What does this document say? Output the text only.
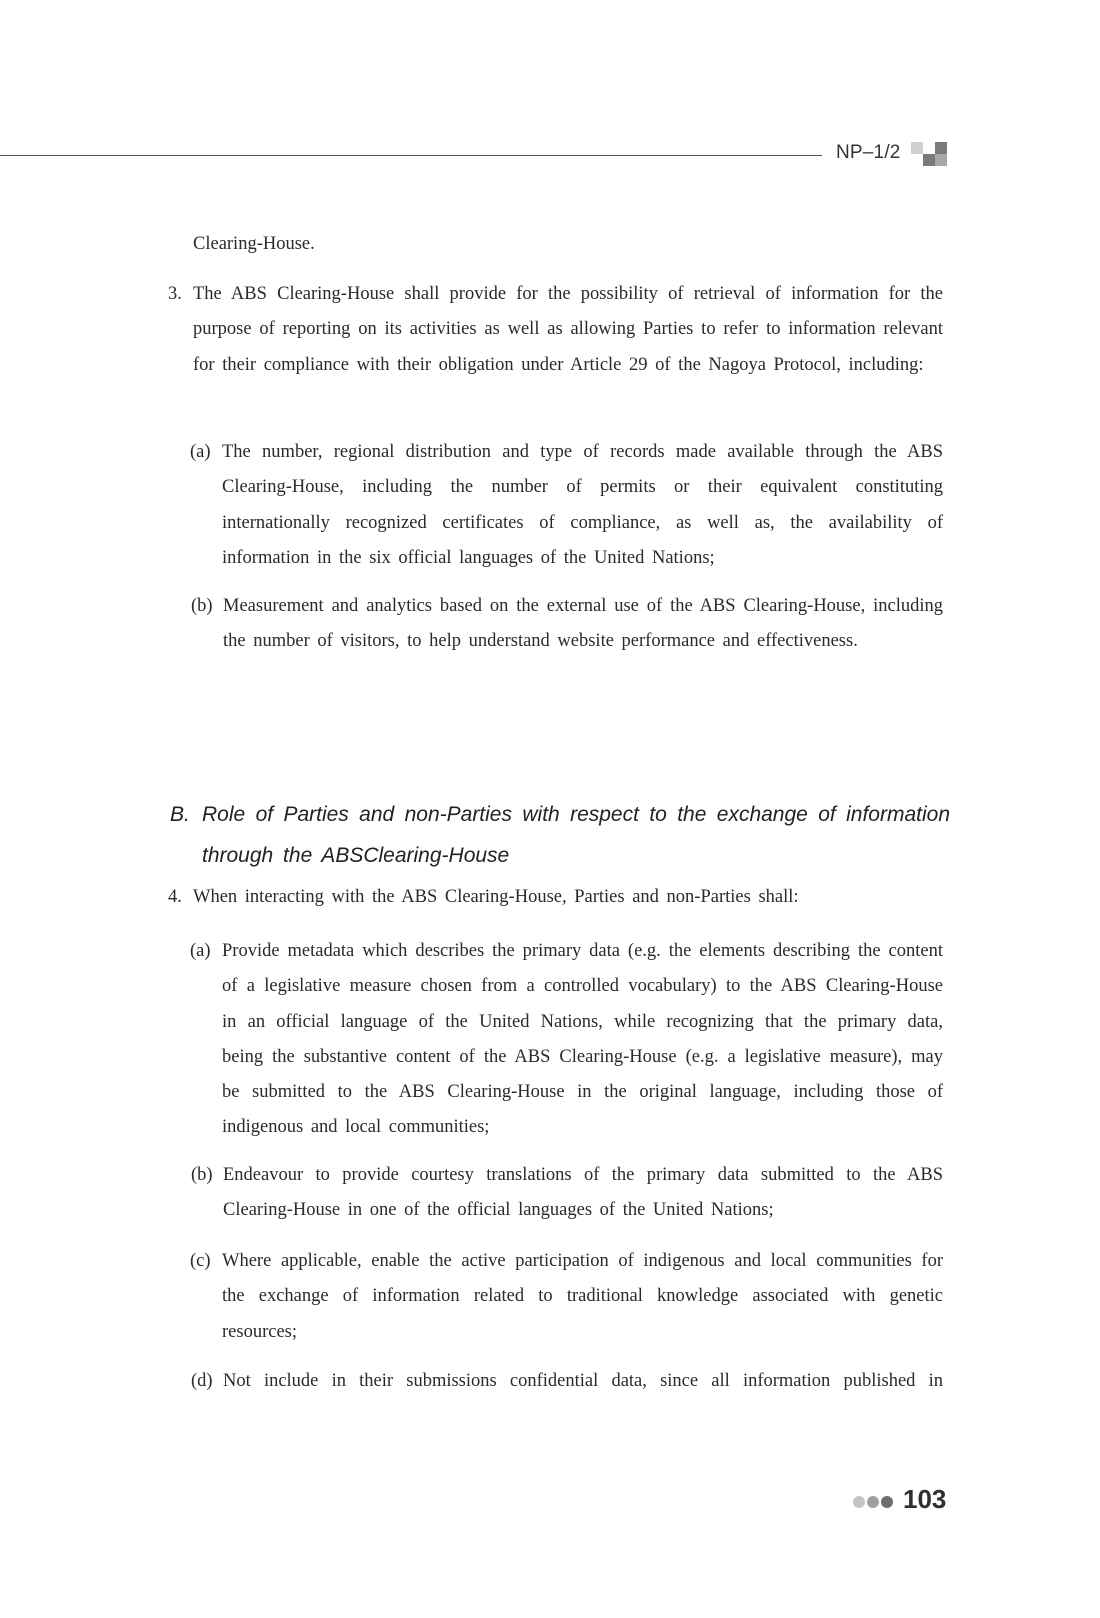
NP–1/2
Clearing-House.
3. The ABS Clearing-House shall provide for the possibility of retrieval of information for the purpose of reporting on its activities as well as allowing Parties to refer to information relevant for their compliance with their obligation under Article 29 of the Nagoya Protocol, including:
(a) The number, regional distribution and type of records made available through the ABS Clearing-House, including the number of permits or their equivalent constituting internationally recognized certificates of compliance, as well as, the availability of information in the six official languages of the United Nations;
(b) Measurement and analytics based on the external use of the ABS Clearing-House, including the number of visitors, to help understand website performance and effectiveness.
B. Role of Parties and non-Parties with respect to the exchange of information through the ABSClearing-House
4. When interacting with the ABS Clearing-House, Parties and non-Parties shall:
(a) Provide metadata which describes the primary data (e.g. the elements describing the content of a legislative measure chosen from a controlled vocabulary) to the ABS Clearing-House in an official language of the United Nations, while recognizing that the primary data, being the substantive content of the ABS Clearing-House (e.g. a legislative measure), may be submitted to the ABS Clearing-House in the original language, including those of indigenous and local communities;
(b) Endeavour to provide courtesy translations of the primary data submitted to the ABS Clearing-House in one of the official languages of the United Nations;
(c) Where applicable, enable the active participation of indigenous and local communities for the exchange of information related to traditional knowledge associated with genetic resources;
(d) Not include in their submissions confidential data, since all information published in
103
